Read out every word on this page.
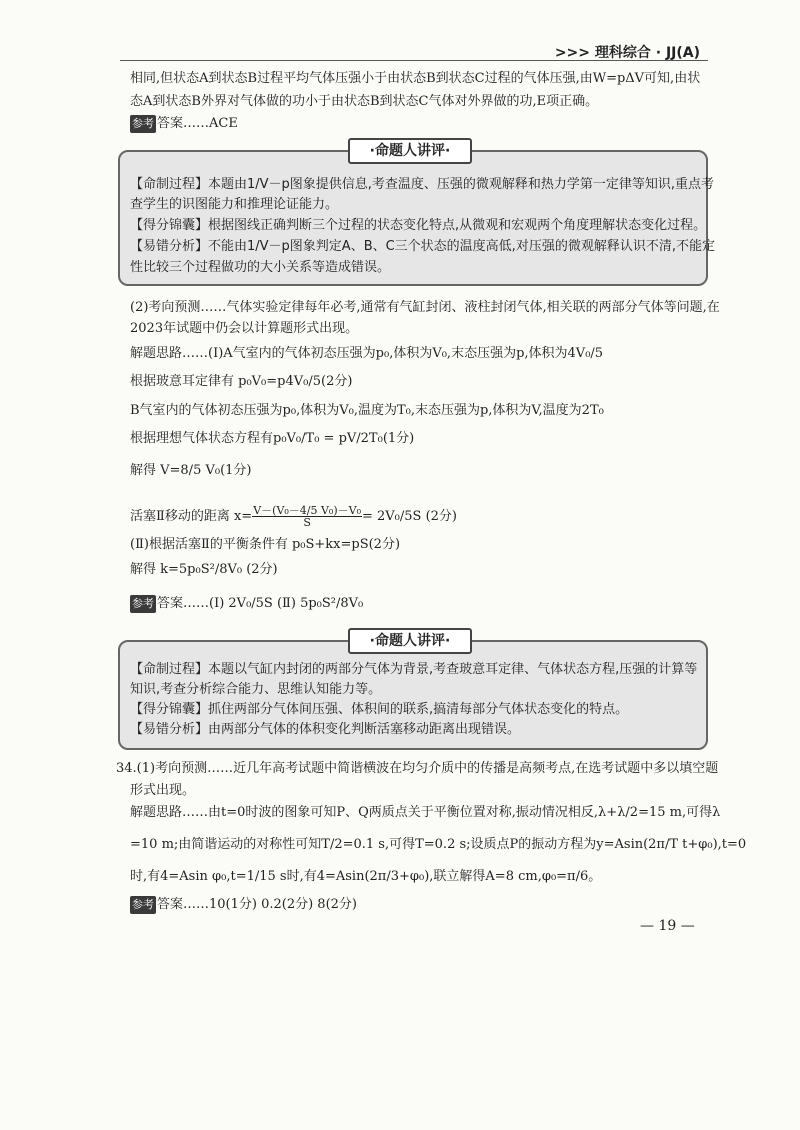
>>> 理科综合 · JJ(A)
相同,但状态A到状态B过程平均气体压强小于由状态B到状态C过程的气体压强,由W=pΔV可知,由状
态A到状态B外界对气体做的功小于由状态B到状态C气体对外界做的功,E项正确。
参考 答案……ACE
·命题人讲评·
【命制过程】本题由1/V－p图象提供信息,考查温度、压强的微观解释和热力学第一定律等知识,重点考
查学生的识图能力和推理论证能力。
【得分锦囊】根据图线正确判断三个过程的状态变化特点,从微观和宏观两个角度理解状态变化过程。
【易错分析】不能由1/V－p图象判定A、B、C三个状态的温度高低,对压强的微观解释认识不清,不能定
性比较三个过程做功的大小关系等造成错误。
(2)考向预测……气体实验定律每年必考,通常有气缸封闭、液柱封闭气体,相关联的两部分气体等问题,在
2023年试题中仍会以计算题形式出现。
解题思路……(Ⅰ)A气室内的气体初态压强为p₀,体积为V₀,末态压强为p,体积为4V₀/5
根据玻意耳定律有 p₀V₀=p4V₀/5(2分)
B气室内的气体初态压强为p₀,体积为V₀,温度为T₀,末态压强为p,体积为V,温度为2T₀
根据理想气体状态方程有p₀V₀/T₀ = pV/2T₀(1分)
解得 V=8/5 V₀(1分)
活塞Ⅱ移动的距离 $x= \frac{\text{V－(V₀－4/5 V₀)－V₀}}{S} = 2V_0/5S$ (2分)
(Ⅱ)根据活塞Ⅱ的平衡条件有 p₀S+kx=pS(2分)
解得 k=5p₀S²/8V₀ (2分)
参考 答案……(Ⅰ) 2V₀/5S (Ⅱ) 5p₀S²/8V₀
·命题人讲评·
【命制过程】本题以气缸内封闭的两部分气体为背景,考查玻意耳定律、气体状态方程,压强的计算等
知识,考查分析综合能力、思维认知能力等。
【得分锦囊】抓住两部分气体间压强、体积间的联系,搞清每部分气体状态变化的特点。
【易错分析】由两部分气体的体积变化判断活塞移动距离出现错误。
34.(1)考向预测……近几年高考试题中简谐横波在均匀介质中的传播是高频考点,在选考试题中多以填空题
形式出现。
解题思路……由t=0时波的图象可知P、Q两质点关于平衡位置对称,振动情况相反,λ+λ/2=15 m,可得λ
=10 m;由简谐运动的对称性可知T/2=0.1 s,可得T=0.2 s;设质点P的振动方程为y=Asin(2π/T t+φ₀),t=0
时,有4=Asin φ₀,t=1/15 s时,有4=Asin(2π/3+φ₀),联立解得A=8 cm,φ₀=π/6。
参考 答案……10(1分) 0.2(2分) 8(2分)
— 19 —
